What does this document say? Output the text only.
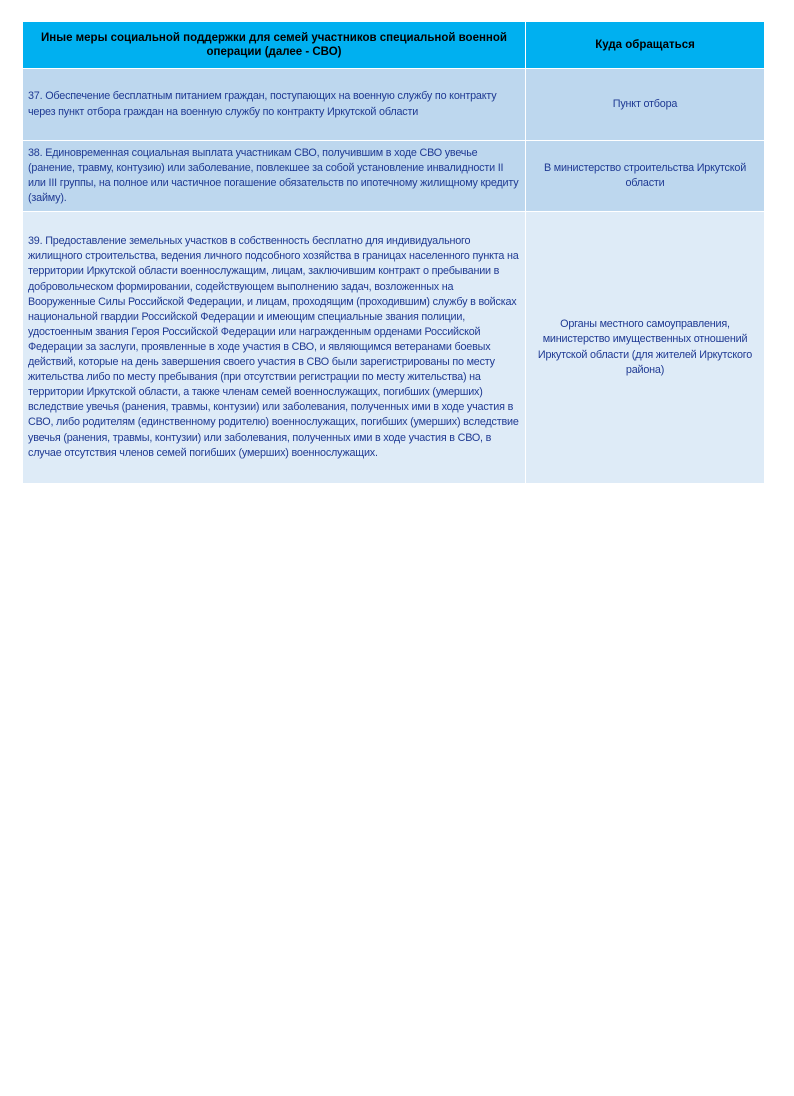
Иные меры социальной поддержки для семей участников специальной военной операции (далее - СВО)	Куда обращаться
37. Обеспечение бесплатным питанием граждан, поступающих на военную службу по контракту через пункт отбора граждан на военную службу по контракту Иркутской области	Пункт отбора
38. Единовременная социальная выплата участникам СВО, получившим в ходе СВО увечье (ранение, травму, контузию) или заболевание, повлекшее за собой установление инвалидности II или III группы, на полное или частичное погашение обязательств по ипотечному жилищному кредиту (займу).	В министерство строительства Иркутской области
39. Предоставление земельных участков в собственность бесплатно для индивидуального жилищного строительства, ведения личного подсобного хозяйства в границах населенного пункта на территории Иркутской области военнослужащим, лицам, заключившим контракт о пребывании в добровольческом формировании, содействующем выполнению задач, возложенных на Вооруженные Силы Российской Федерации, и лицам, проходящим (проходившим) службу в войсках национальной гвардии Российской Федерации и имеющим специальные звания полиции, удостоенным звания Героя Российской Федерации или награжденным орденами Российской Федерации за заслуги, проявленные в ходе участия в СВО, и являющимся ветеранами боевых действий, которые на день завершения своего участия в СВО были зарегистрированы по месту жительства либо по месту пребывания (при отсутствии регистрации по месту жительства) на территории Иркутской области, а также членам семей военнослужащих, погибших (умерших) вследствие увечья (ранения, травмы, контузии) или заболевания, полученных ими в ходе участия в СВО, либо родителям (единственному родителю) военнослужащих, погибших (умерших) вследствие увечья (ранения, травмы, контузии) или заболевания, полученных ими в ходе участия в СВО, в случае отсутствия членов семей погибших (умерших) военнослужащих.	Органы местного самоуправления, министерство имущественных отношений Иркутской области (для жителей Иркутского района)
